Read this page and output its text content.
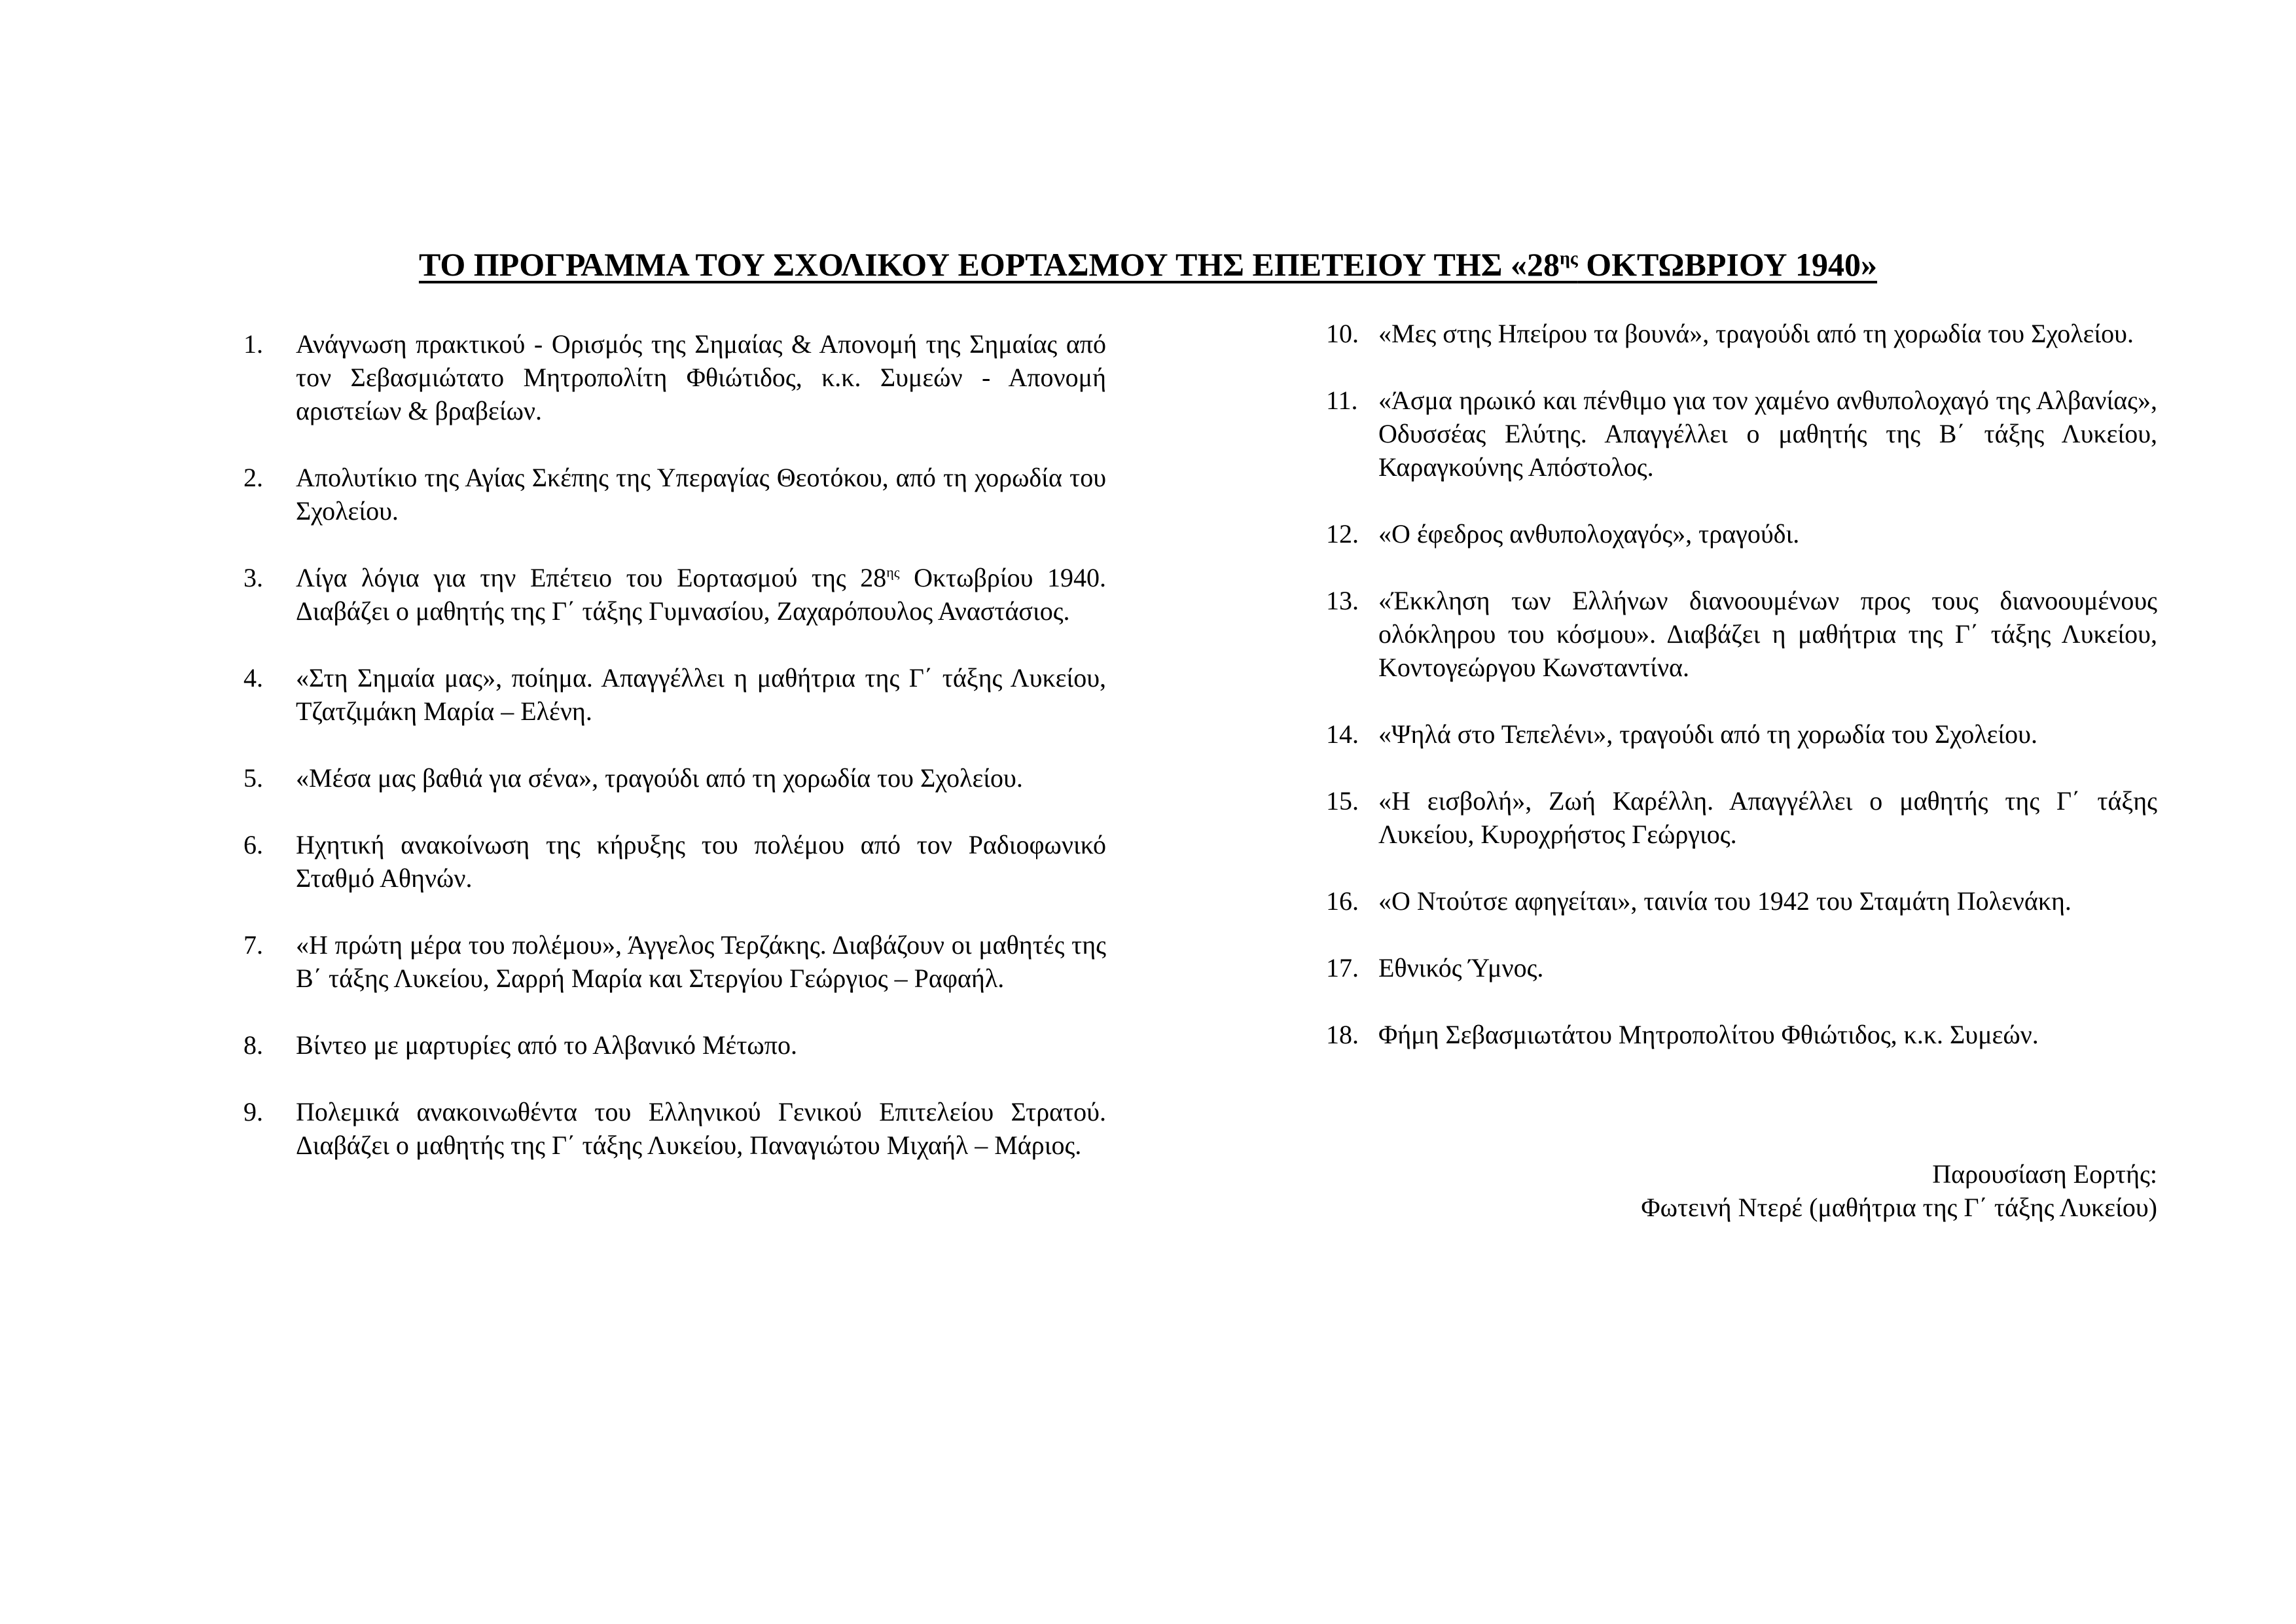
ΤΟ ΠΡΟΓΡΑΜΜΑ ΤΟΥ ΣΧΟΛΙΚΟΥ ΕΟΡΤΑΣΜΟΥ ΤΗΣ ΕΠΕΤΕΙΟΥ ΤΗΣ «$28^{\eta\varsigma}$ ΟΚΤΩΒΡΙΟΥ 1940»
1.	Ανάγνωση πρακτικού - Ορισμός της Σημαίας & Απονομή της Σημαίας από τον Σεβασμιώτατο Μητροπολίτη Φθιώτιδος, κ.κ. Συμεών - Απονομή αριστείων & βραβείων.
2.	Απολυτίκιο της Αγίας Σκέπης της Υπεραγίας Θεοτόκου, από τη χορωδία του Σχολείου.
3.	Λίγα λόγια για την Επέτειο του Εορτασμού της $28^{\eta\varsigma}$ Οκτωβρίου 1940. Διαβάζει ο μαθητής της Γ΄ τάξης Γυμνασίου, Ζαχαρόπουλος Αναστάσιος.
4.	«Στη Σημαία μας», ποίημα. Απαγγέλλει η μαθήτρια της Γ΄ τάξης Λυκείου, Τζατζιμάκη Μαρία – Ελένη.
5.	«Μέσα μας βαθιά για σένα», τραγούδι από τη χορωδία του Σχολείου.
6.	Ηχητική ανακοίνωση της κήρυξης του πολέμου από τον Ραδιοφωνικό Σταθμό Αθηνών.
7.	«Η πρώτη μέρα του πολέμου», Άγγελος Τερζάκης. Διαβάζουν οι μαθητές της Β΄ τάξης Λυκείου, Σαρρή Μαρία και Στεργίου Γεώργιος – Ραφαήλ.
8.	Βίντεο με μαρτυρίες από το Αλβανικό Μέτωπο.
9.	Πολεμικά ανακοινωθέντα του Ελληνικού Γενικού Επιτελείου Στρατού. Διαβάζει ο μαθητής της Γ΄ τάξης Λυκείου, Παναγιώτου Μιχαήλ – Μάριος.
10. «Μες στης Ηπείρου τα βουνά», τραγούδι από τη χορωδία του Σχολείου.
11. «Άσμα ηρωικό και πένθιμο για τον χαμένο ανθυπολοχαγό της Αλβανίας», Οδυσσέας Ελύτης. Απαγγέλλει ο μαθητής της Β΄ τάξης Λυκείου, Καραγκούνης Απόστολος.
12. «Ο έφεδρος ανθυπολοχαγός», τραγούδι.
13. «Έκκληση των Ελλήνων διανοουμένων προς τους διανοουμένους ολόκληρου του κόσμου». Διαβάζει η μαθήτρια της Γ΄ τάξης Λυκείου, Κοντογεώργου Κωνσταντίνα.
14. «Ψηλά στο Τεπελένι», τραγούδι από τη χορωδία του Σχολείου.
15. «Η εισβολή», Ζωή Καρέλλη. Απαγγέλλει ο μαθητής της Γ΄ τάξης Λυκείου, Κυροχρήστος Γεώργιος.
16. «Ο Ντούτσε αφηγείται», ταινία του 1942 του Σταμάτη Πολενάκη.
17. Εθνικός Ύμνος.
18. Φήμη Σεβασμιωτάτου Μητροπολίτου Φθιώτιδος, κ.κ. Συμεών.
Παρουσίαση Εορτής:
Φωτεινή Ντερέ (μαθήτρια της Γ΄ τάξης Λυκείου)
